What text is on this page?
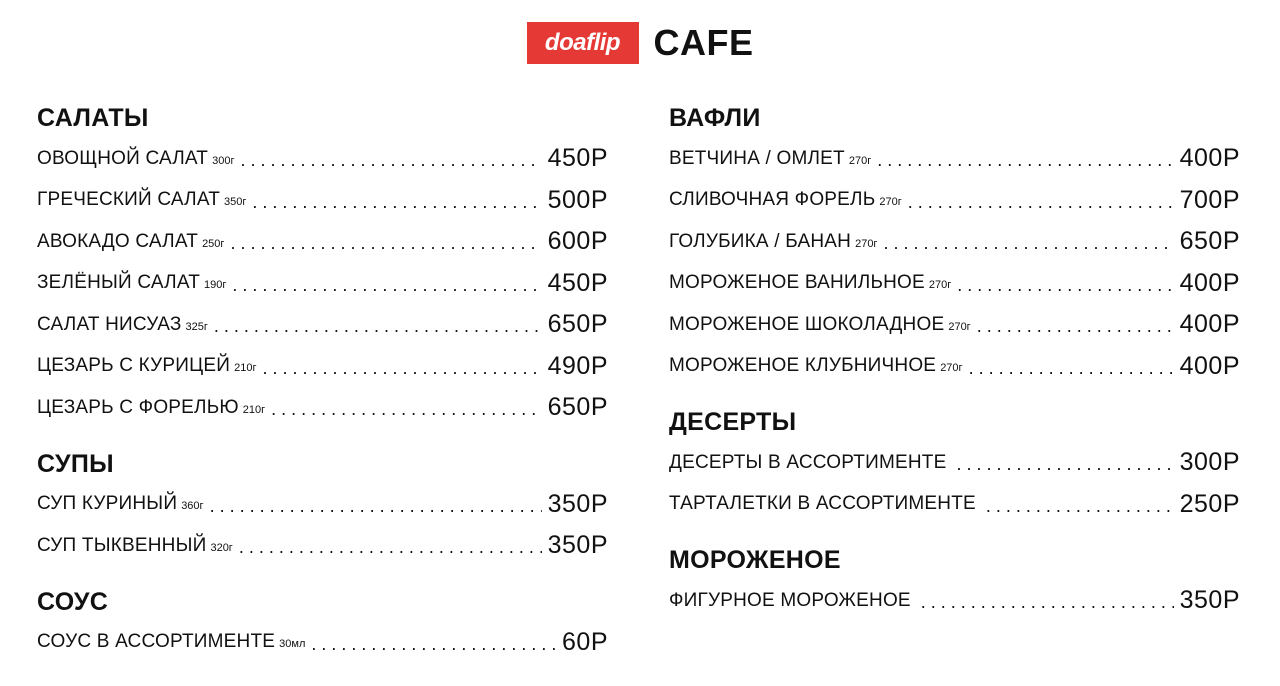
doaflip CAFE
САЛАТЫ
ОВОЩНОЙ САЛАТ 300г .....	450Р
ГРЕЧЕСКИЙ САЛАТ 350г .....	500Р
АВОКАДО САЛАТ 250г .....	600Р
ЗЕЛЁНЫЙ САЛАТ 190г .....	450Р
САЛАТ НИСУАЗ 325г .....	650Р
ЦЕЗАРЬ С КУРИЦЕЙ 210г .....	490Р
ЦЕЗАРЬ С ФОРЕЛЬЮ 210г .....	650Р
СУПЫ
СУП КУРИНЫЙ 360г .....	350Р
СУП ТЫКВЕННЫЙ 320г .....	350Р
СОУС
СОУС В АССОРТИМЕНТЕ 30мл .....	60Р
ВАФЛИ
ВЕТЧИНА / ОМЛЕТ 270г .....	400Р
СЛИВОЧНАЯ ФОРЕЛЬ 270г .....	700Р
ГОЛУБИКА / БАНАН 270г .....	650Р
МОРОЖЕНОЕ ВАНИЛЬНОЕ 270г .....	400Р
МОРОЖЕНОЕ ШОКОЛАДНОЕ 270г .....	400Р
МОРОЖЕНОЕ КЛУБНИЧНОЕ 270г .....	400Р
ДЕСЕРТЫ
ДЕСЕРТЫ В АССОРТИМЕНТЕ .....	300Р
ТАРТАЛЕТКИ В АССОРТИМЕНТЕ .....	250Р
МОРОЖЕНОЕ
ФИГУРНОЕ МОРОЖЕНОЕ .....	350Р
